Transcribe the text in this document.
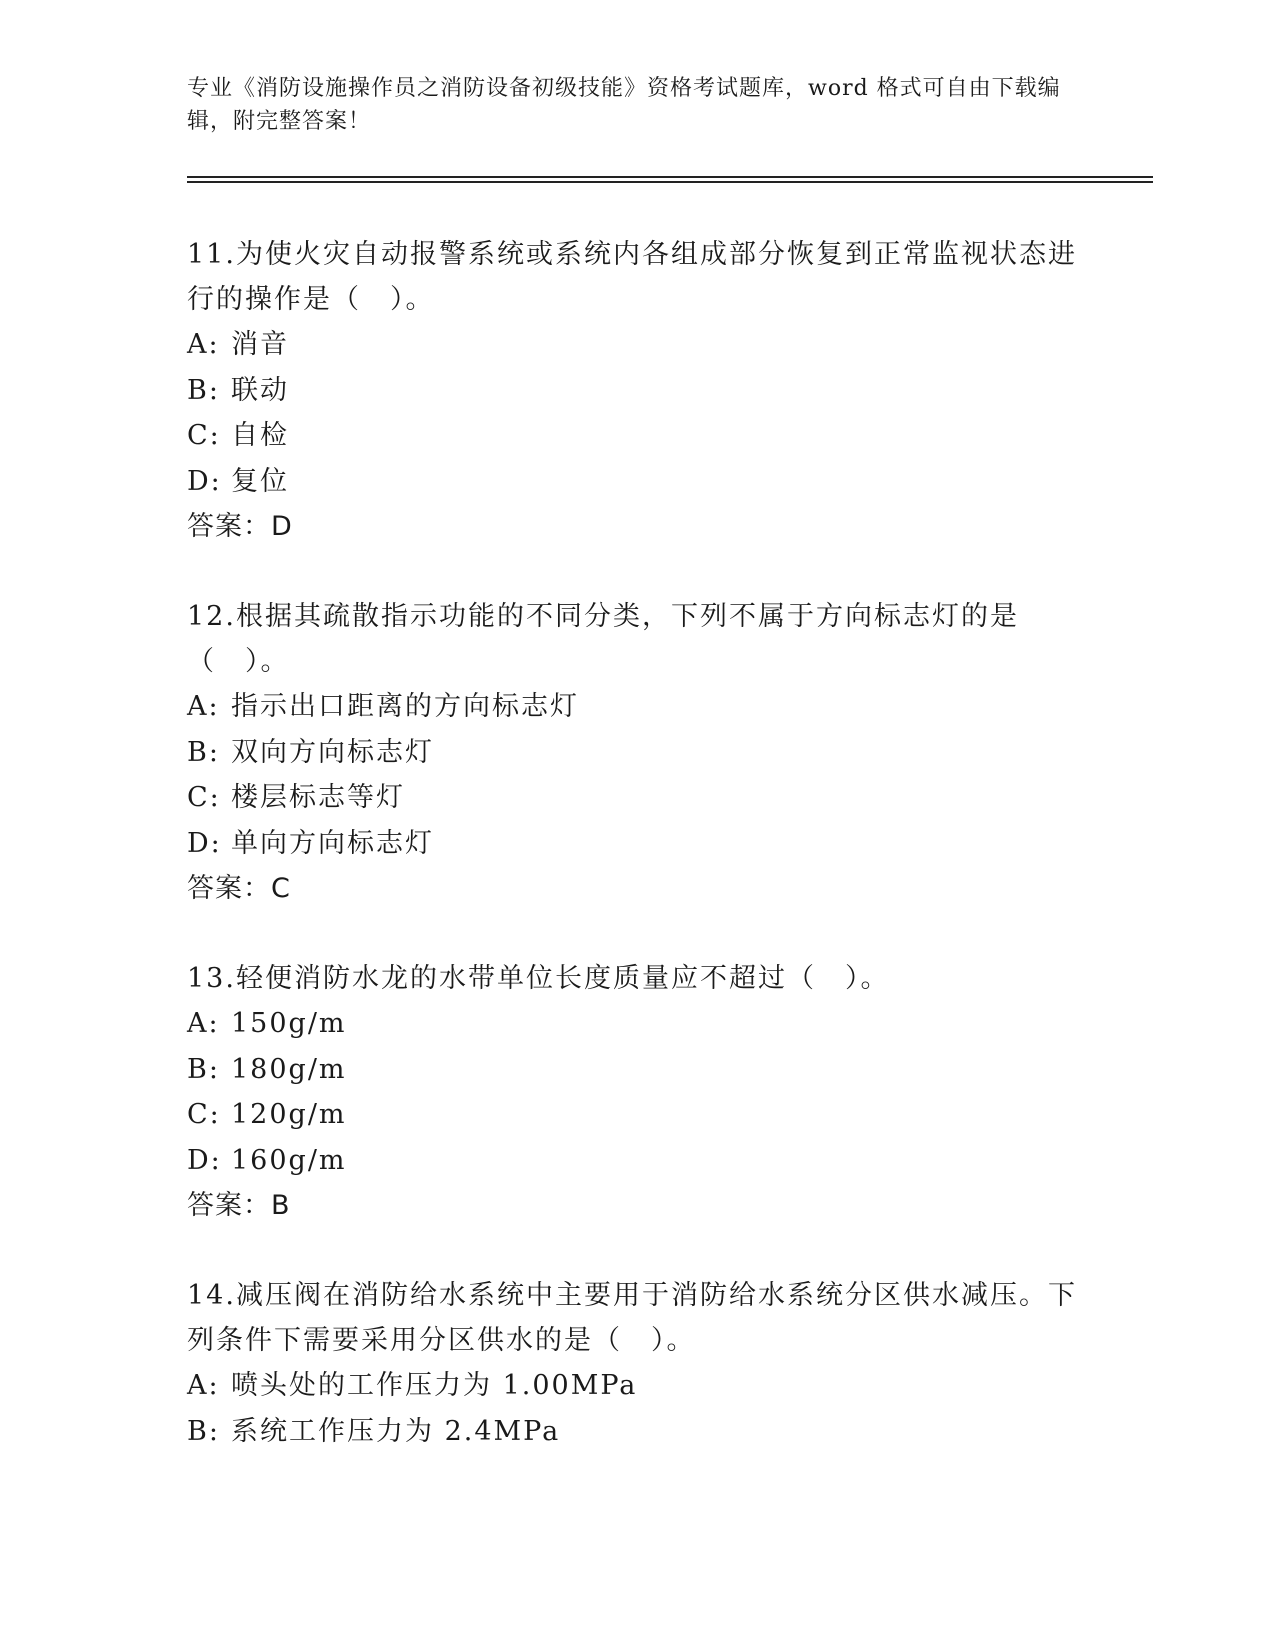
专业《消防设施操作员之消防设备初级技能》资格考试题库，word 格式可自由下载编辑，附完整答案！

11.为使火灾自动报警系统或系统内各组成部分恢复到正常监视状态进行的操作是（　）。

A: 消音

B: 联动

C: 自检

D: 复位

答案：D

12.根据其疏散指示功能的不同分类，下列不属于方向标志灯的是（　）。

A: 指示出口距离的方向标志灯

B: 双向方向标志灯

C: 楼层标志等灯

D: 单向方向标志灯

答案：C

13.轻便消防水龙的水带单位长度质量应不超过（　）。

A: 150g/m

B: 180g/m

C: 120g/m

D: 160g/m

答案：B

14.减压阀在消防给水系统中主要用于消防给水系统分区供水减压。下列条件下需要采用分区供水的是（　）。

A: 喷头处的工作压力为 1.00MPa

B: 系统工作压力为 2.4MPa
